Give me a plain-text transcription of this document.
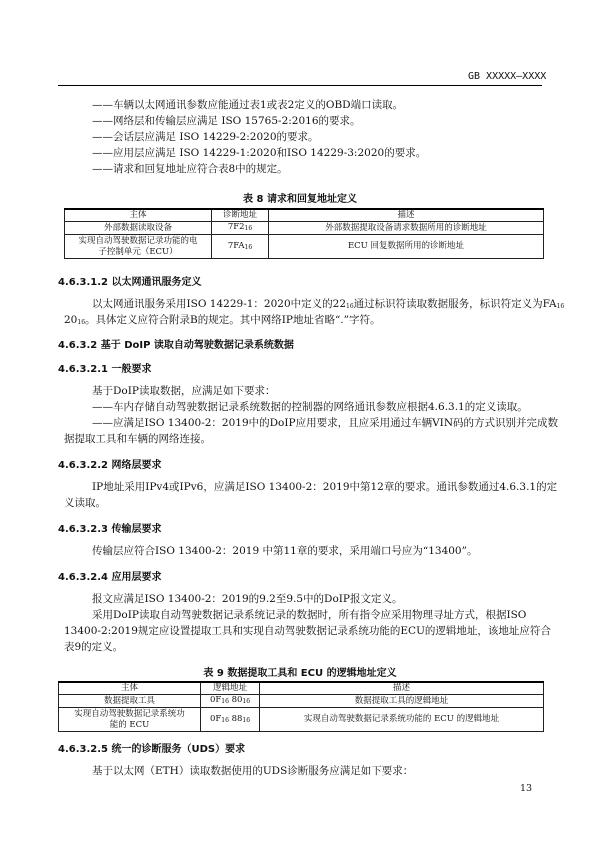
GB XXXXX—XXXX
——车辆以太网通讯参数应能通过表1或表2定义的OBD端口读取。
——网络层和传输层应满足 ISO 15765-2:2016的要求。
——会话层应满足 ISO 14229-2:2020的要求。
——应用层应满足 ISO 14229-1:2020和ISO 14229-3:2020的要求。
——请求和回复地址应符合表8中的规定。
表 8 请求和回复地址定义
主体	诊断地址	描述
外部数据读取设备	$7F2_{16}$	外部数据提取设备请求数据所用的诊断地址
实现自动驾驶数据记录功能的电
子控制单元（ECU）	$7FA_{16}$	ECU 回复数据所用的诊断地址
4.6.3.1.2 以太网通讯服务定义
以太网通讯服务采用ISO 14229-1：2020中定义的$22_{16}$通过标识符读取数据服务，标识符定义为$FA_{16}$
$20_{16}$。具体定义应符合附录B的规定。其中网络IP地址省略“.”字符。
4.6.3.2 基于 DoIP 读取自动驾驶数据记录系统数据
4.6.3.2.1 一般要求
基于DoIP读取数据，应满足如下要求：
——车内存储自动驾驶数据记录系统数据的控制器的网络通讯参数应根据4.6.3.1的定义读取。
——应满足ISO 13400-2：2019中的DoIP应用要求，且应采用通过车辆VIN码的方式识别并完成数
据提取工具和车辆的网络连接。
4.6.3.2.2 网络层要求
IP地址采用IPv4或IPv6，应满足ISO 13400-2：2019中第12章的要求。通讯参数通过4.6.3.1的定
义读取。
4.6.3.2.3 传输层要求
传输层应符合ISO 13400-2：2019 中第11章的要求，采用端口号应为“13400”。
4.6.3.2.4 应用层要求
报文应满足ISO 13400-2：2019的9.2至9.5中的DoIP报文定义。
采用DoIP读取自动驾驶数据记录系统记录的数据时，所有指令应采用物理寻址方式，根据ISO
13400-2:2019规定应设置提取工具和实现自动驾驶数据记录系统功能的ECU的逻辑地址，该地址应符合
表9的定义。
表 9 数据提取工具和 ECU 的逻辑地址定义
主体	逻辑地址	描述
数据提取工具	$0F_{16}$ $80_{16}$	数据提取工具的逻辑地址
实现自动驾驶数据记录系统功
能的 ECU	$0F_{16}$ $88_{16}$	实现自动驾驶数据记录系统功能的 ECU 的逻辑地址
4.6.3.2.5 统一的诊断服务（UDS）要求
基于以太网（ETH）读取数据使用的UDS诊断服务应满足如下要求：
13
